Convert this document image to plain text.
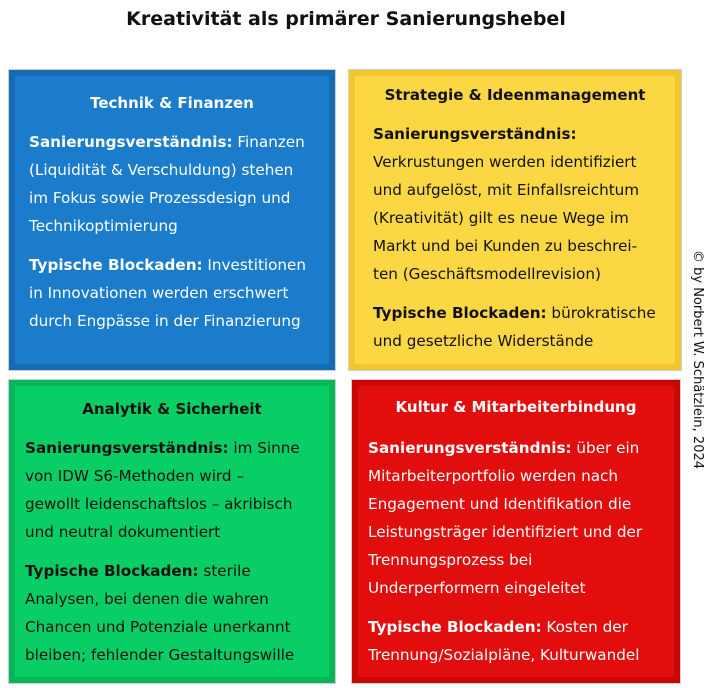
Kreativität als primärer Sanierungshebel
Technik & Finanzen
Sanierungsverständnis: Finanzen
(Liquidität & Verschuldung) stehen
im Fokus sowie Prozessdesign und
Technikoptimierung
Typische Blockaden: Investitionen
in Innovationen werden erschwert
durch Engpässe in der Finanzierung
Strategie & Ideenmanagement
Sanierungsverständnis:
Verkrustungen werden identifiziert
und aufgelöst, mit Einfallsreichtum
(Kreativität) gilt es neue Wege im
Markt und bei Kunden zu beschrei-
ten (Geschäftsmodellrevision)
Typische Blockaden: bürokratische
und gesetzliche Widerstände
Analytik & Sicherheit
Sanierungsverständnis: im Sinne
von IDW S6-Methoden wird –
gewollt leidenschaftslos – akribisch
und neutral dokumentiert
Typische Blockaden: sterile
Analysen, bei denen die wahren
Chancen und Potenziale unerkannt
bleiben; fehlender Gestaltungswille
Kultur & Mitarbeiterbindung
Sanierungsverständnis: über ein
Mitarbeiterportfolio werden nach
Engagement und Identifikation die
Leistungsträger identifiziert und der
Trennungsprozess bei
Underperformern eingeleitet
Typische Blockaden: Kosten der
Trennung/Sozialpläne, Kulturwandel
© by Norbert W. Schätzlein, 2024
